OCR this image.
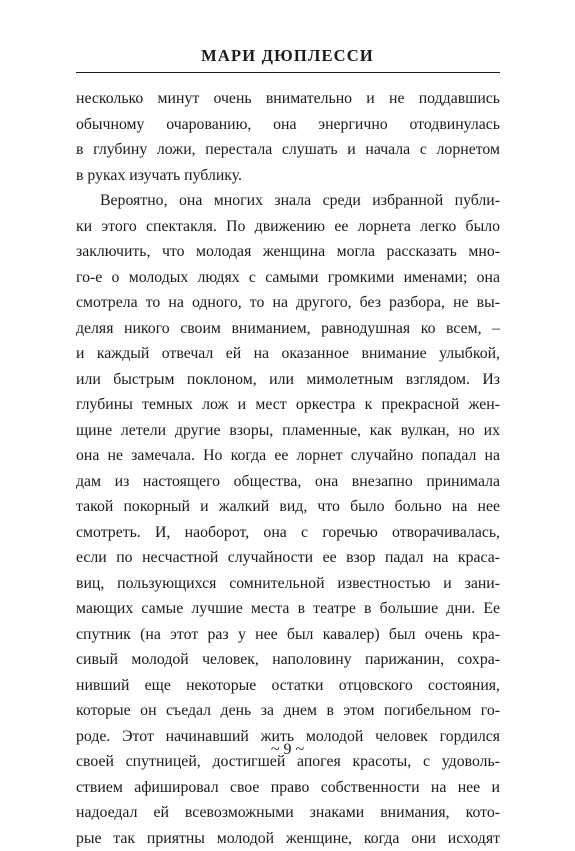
МАРИ ДЮПЛЕССИ
несколько минут очень внимательно и не поддавшись
обычному очарованию, она энергично отодвинулась
в глубину ложи, перестала слушать и начала с лорнетом
в руках изучать публику.
Вероятно, она многих знала среди избранной публи-
ки этого спектакля. По движению ее лорнета легко было
заключить, что молодая женщина могла рассказать мно-
го-е о молодых людях с самыми громкими именами; она
смотрела то на одного, то на другого, без разбора, не вы-
деляя никого своим вниманием, равнодушная ко всем, –
и каждый отвечал ей на оказанное внимание улыбкой,
или быстрым поклоном, или мимолетным взглядом. Из
глубины темных лож и мест оркестра к прекрасной жен-
щине летели другие взоры, пламенные, как вулкан, но их
она не замечала. Но когда ее лорнет случайно попадал на
дам из настоящего общества, она внезапно принимала
такой покорный и жалкий вид, что было больно на нее
смотреть. И, наоборот, она с горечью отворачивалась,
если по несчастной случайности ее взор падал на краса-
виц, пользующихся сомнительной известностью и зани-
мающих самые лучшие места в театре в большие дни. Ее
спутник (на этот раз у нее был кавалер) был очень кра-
сивый молодой человек, наполовину парижанин, сохра-
нивший еще некоторые остатки отцовского состояния,
которые он съедал день за днем в этом погибельном го-
роде. Этот начинавший жить молодой человек гордился
своей спутницей, достигшей апогея красоты, с удоволь-
ствием афишировал свое право собственности на нее и
надоедал ей всевозможными знаками внимания, кото-
рые так приятны молодой женщине, когда они исходят
~ 9 ~
